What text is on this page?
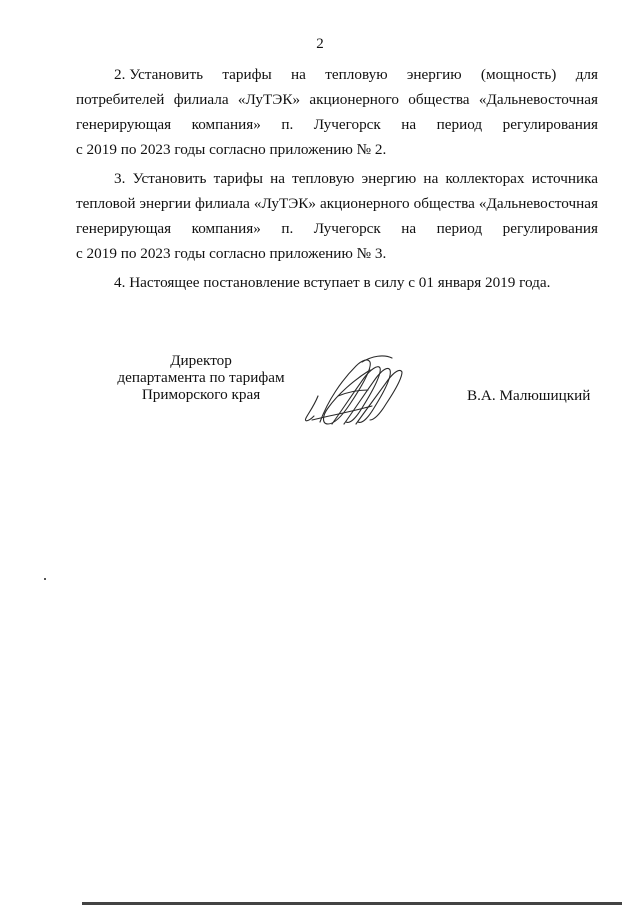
2
2. Установить тарифы на тепловую энергию (мощность) для
потребителей филиала «ЛуТЭК» акционерного общества «Дальневосточная
генерирующая компания» п. Лучегорск на период регулирования
с 2019 по 2023 годы согласно приложению № 2.
3. Установить тарифы на тепловую энергию на коллекторах источника
тепловой энергии филиала «ЛуТЭК» акционерного общества «Дальневосточная
генерирующая компания» п. Лучегорск на период регулирования
с 2019 по 2023 годы согласно приложению № 3.
4. Настоящее постановление вступает в силу с 01 января 2019 года.
Директор
департамента по тарифам
Приморского края	В.А. Малюшицкий
